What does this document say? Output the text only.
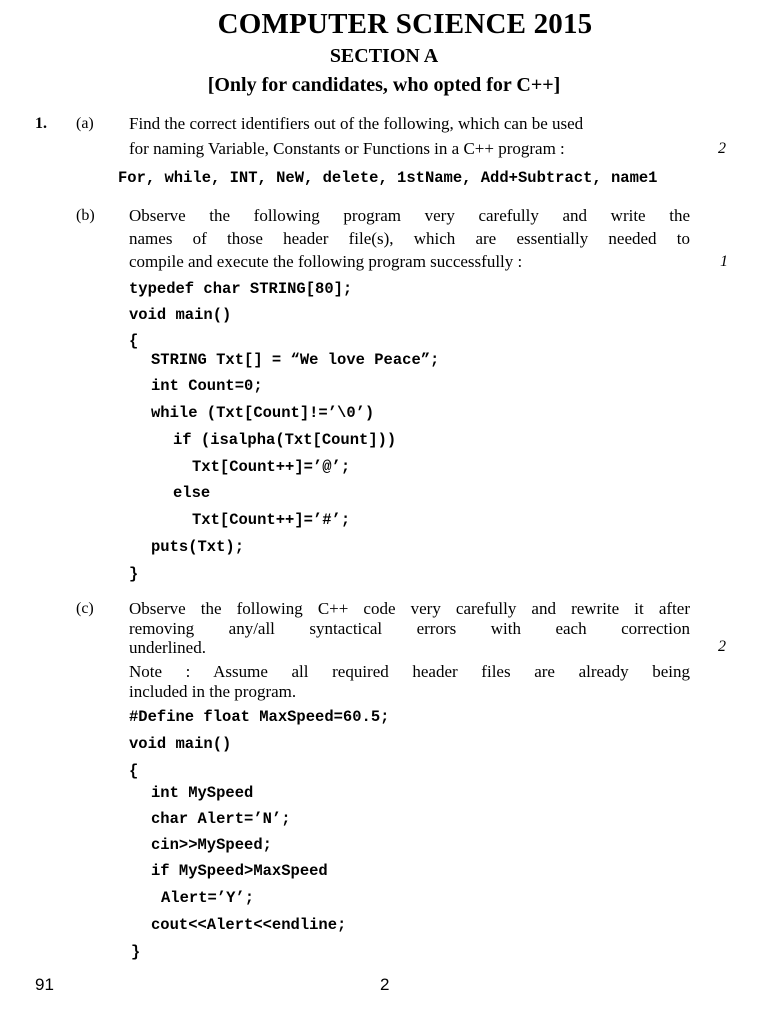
COMPUTER SCIENCE 2015
SECTION A
[Only for candidates, who opted for C++]
1. (a) Find the correct identifiers out of the following, which can be used
for naming Variable, Constants or Functions in a C++ program :	2
For, while, INT, NeW, delete, 1stName, Add+Subtract, name1
(b) Observe the following program very carefully and write the
names of those header file(s), which are essentially needed to
compile and execute the following program successfully :	1
typedef char STRING[80];
void main()
{
STRING Txt[] = “We love Peace”;
int Count=0;
while (Txt[Count]!=’\0’)
if (isalpha(Txt[Count]))
Txt[Count++]=’@’;
else
Txt[Count++]=’#’;
puts(Txt);
}
(c) Observe the following C++ code very carefully and rewrite it after
removing any/all syntactical errors with each correction
underlined.	2
Note : Assume all required header files are already being
included in the program.
#Define float MaxSpeed=60.5;
void main()
{
int MySpeed
char Alert=’N’;
cin>>MySpeed;
if MySpeed>MaxSpeed
Alert=’Y’;
cout<<Alert<<endline;
}
91	2
